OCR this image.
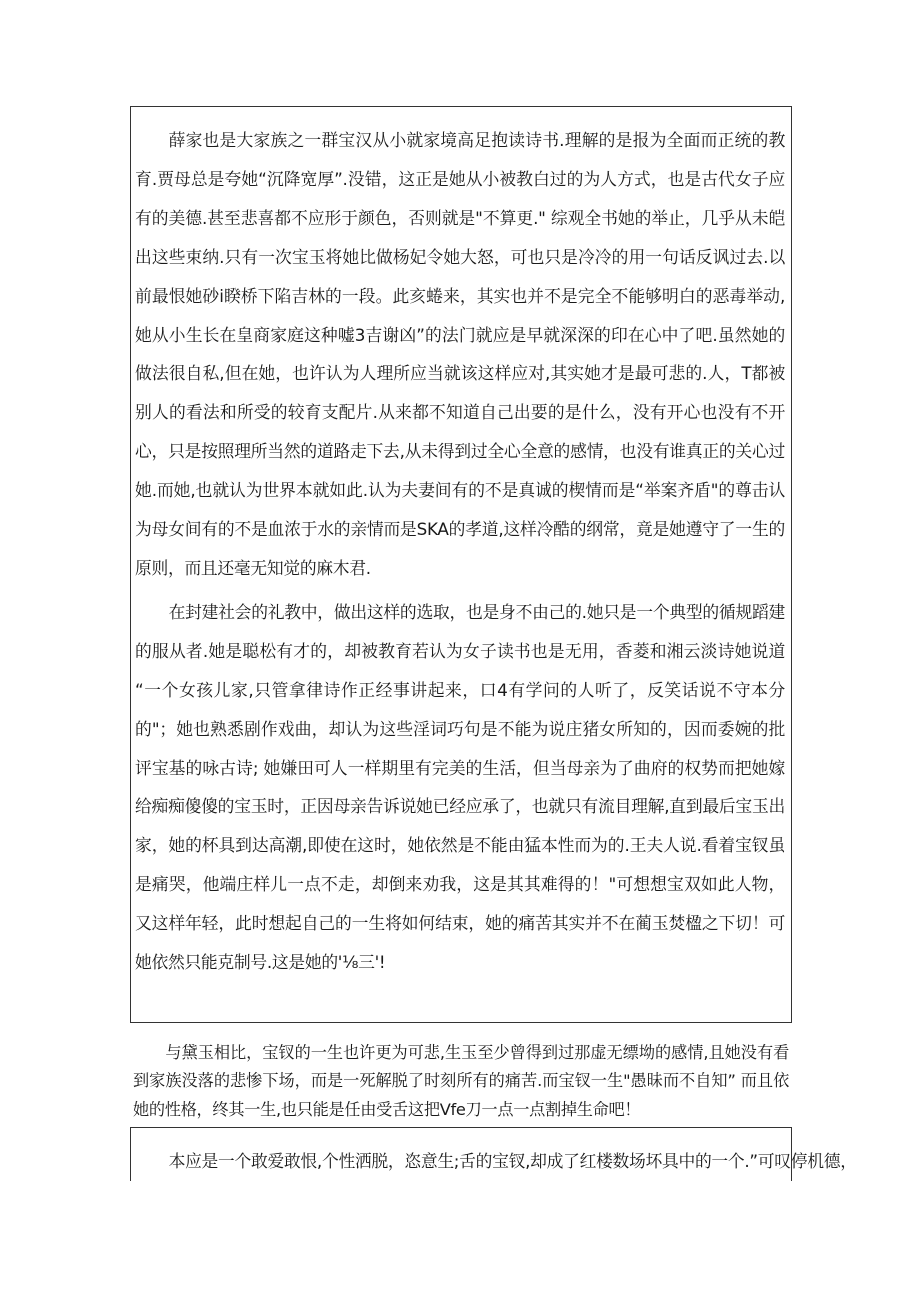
薛家也是大家族之一群宝汉从小就家境高足抱读诗书.理解的是报为全面而正统的教育.贾母总是夸她“沉降宽厚”.没错，这正是她从小被教白过的为人方式，也是古代女子应有的美德.甚至悲喜都不应形于颜色，否则就是"不算更." 综观全书她的举止，几乎从未皑出这些束纳.只有一次宝玉将她比做杨妃令她大怒，可也只是冷冷的用一句话反讽过去.以前最恨她砂i睽桥下陷吉林的一段。此亥蜷来，其实也并不是完全不能够明白的恶毒举动,她从小生长在皇商家庭这种嘘3吉谢凶”的法门就应是早就深深的印在心中了吧.虽然她的做法很自私,但在她，也许认为人理所应当就该这样应对,其实她才是最可悲的.人，T都被别人的看法和所受的较育支配片.从来都不知道自己出要的是什么，没有开心也没有不开心，只是按照理所当然的道路走下去,从未得到过全心全意的感情，也没有谁真正的关心过她.而她,也就认为世界本就如此.认为夫妻间有的不是真诚的楔情而是“举案齐盾"的尊击认为母女间有的不是血浓于水的亲情而是SKA的孝道,这样冷酷的纲常，竟是她遵守了一生的原则，而且还毫无知觉的麻木君.

在封建社会的礼教中，做出这样的选取，也是身不由己的.她只是一个典型的循规蹈建的服从者.她是聪松有才的，却被教育若认为女子读书也是无用，香菱和湘云淡诗她说道 “一个女孩儿家,只管拿律诗作正经事讲起来，口4有学问的人听了，反笑话说不守本分的"；她也熟悉剧作戏曲，却认为这些淫词巧句是不能为说庄猪女所知的，因而委婉的批评宝基的咏古诗; 她嫌田可人一样期里有完美的生活，但当母亲为了曲府的权势而把她嫁给痴痴傻傻的宝玉时，正因母亲告诉说她已经应承了，也就只有流目理解,直到最后宝玉出家，她的杯具到达高潮,即使在这时，她依然是不能由猛本性而为的.王夫人说.看着宝钗虽是痛哭，他端庄样儿一点不走，却倒来劝我，这是其其难得的！"可想想宝双如此人物，又这样年轻，此时想起自己的一生将如何结束，她的痛苦其实并不在蔺玉焚楹之下切！可她依然只能克制号.这是她的'⅛三'!

与黛玉相比，宝钗的一生也许更为可悲,生玉至少曾得到过那虚无缥坳的感情,且她没有看到家族没落的悲惨下场，而是一死解脱了时刻所有的痛苦.而宝钗一生"愚昧而不自知” 而且依她的性格，终其一生,也只能是任由受舌这把Vfe刀一点一点割掉生命吧！

本应是一个敢爱敢恨,个性洒脱，恣意生;舌的宝钗,却成了红楼数场坏具中的一个.”可叹停机德，
